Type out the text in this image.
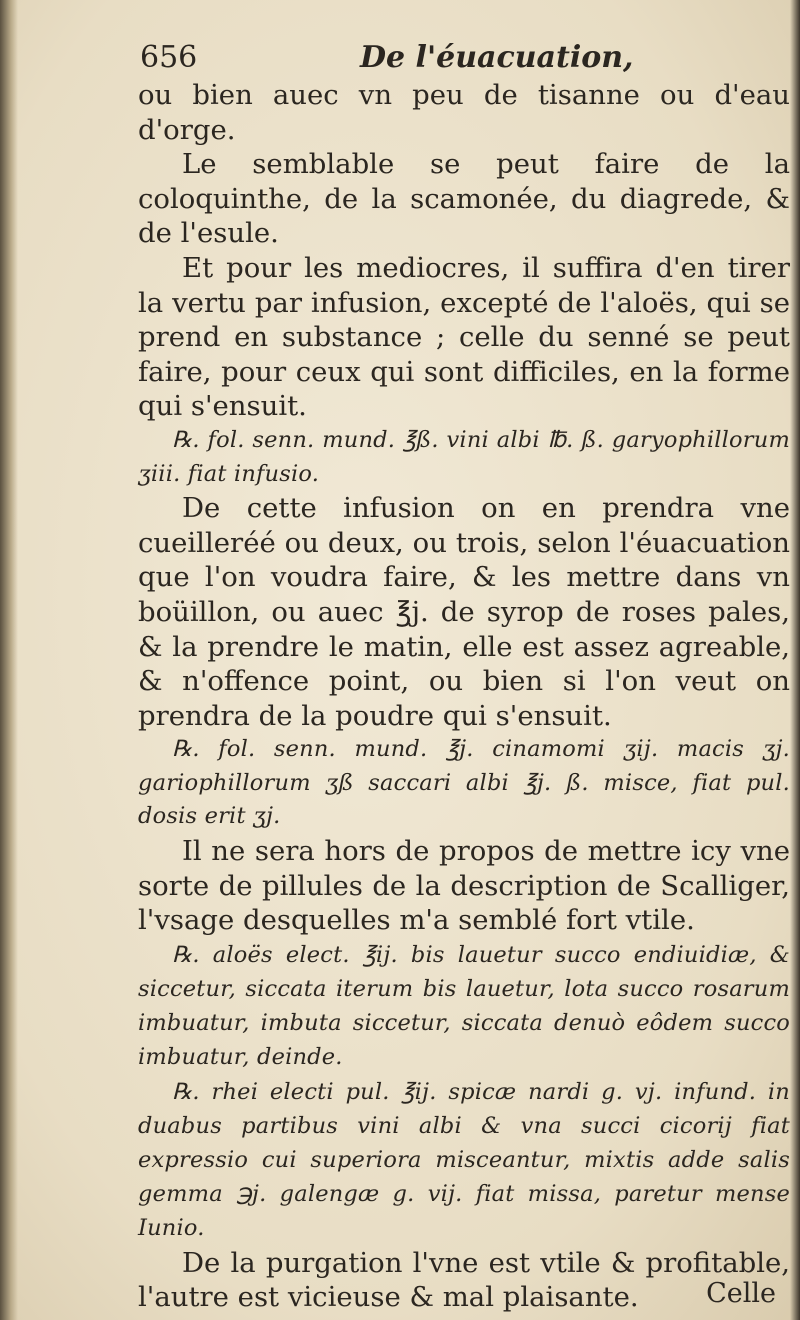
656	De l'éuacuation,

ou bien auec vn peu de tisanne ou d'eau d'orge.

Le semblable se peut faire de la coloquinthe, de la scamonée, du diagrede, & de l'esule.

Et pour les mediocres, il suffira d'en tirer la vertu par infusion, excepté de l'aloës, qui se prend en substance ; celle du senné se peut faire, pour ceux qui sont difficiles, en la forme qui s'ensuit.

℞. fol. senn. mund. ℥ß. vini albi ℔. ß. garyophillorum ʒiii. fiat infusio.

De cette infusion on en prendra vne cueilleréé ou deux, ou trois, selon l'éuacuation que l'on voudra faire, & les mettre dans vn boüillon, ou auec ℥j. de syrop de roses pales, & la prendre le matin, elle est assez agreable, & n'offence point, ou bien si l'on veut on prendra de la poudre qui s'ensuit.

℞. fol. senn. mund. ℥j. cinamomi ʒij. macis ʒj. gariophillorum ʒß saccari albi ℥j. ß. misce, fiat pul. dosis erit ʒj.

Il ne sera hors de propos de mettre icy vne sorte de pillules de la description de Scalliger, l'vsage desquelles m'a semblé fort vtile.

℞. aloës elect. ℥ij. bis lauetur succo endiuidiæ, & siccetur, siccata iterum bis lauetur, lota succo rosarum imbuatur, imbuta siccetur, siccata denuò eôdem succo imbuatur, deinde.

℞. rhei electi pul. ℥ij. spicæ nardi g. vj. infund. in duabus partibus vini albi & vna succi cicorij fiat expressio cui superiora misceantur, mixtis adde salis gemma ℈j. galengæ g. vij. fiat missa, paretur mense Iunio.

De la purgation l'vne est vtile & profitable, l'autre est vicieuse & mal plaisante.	Celle
